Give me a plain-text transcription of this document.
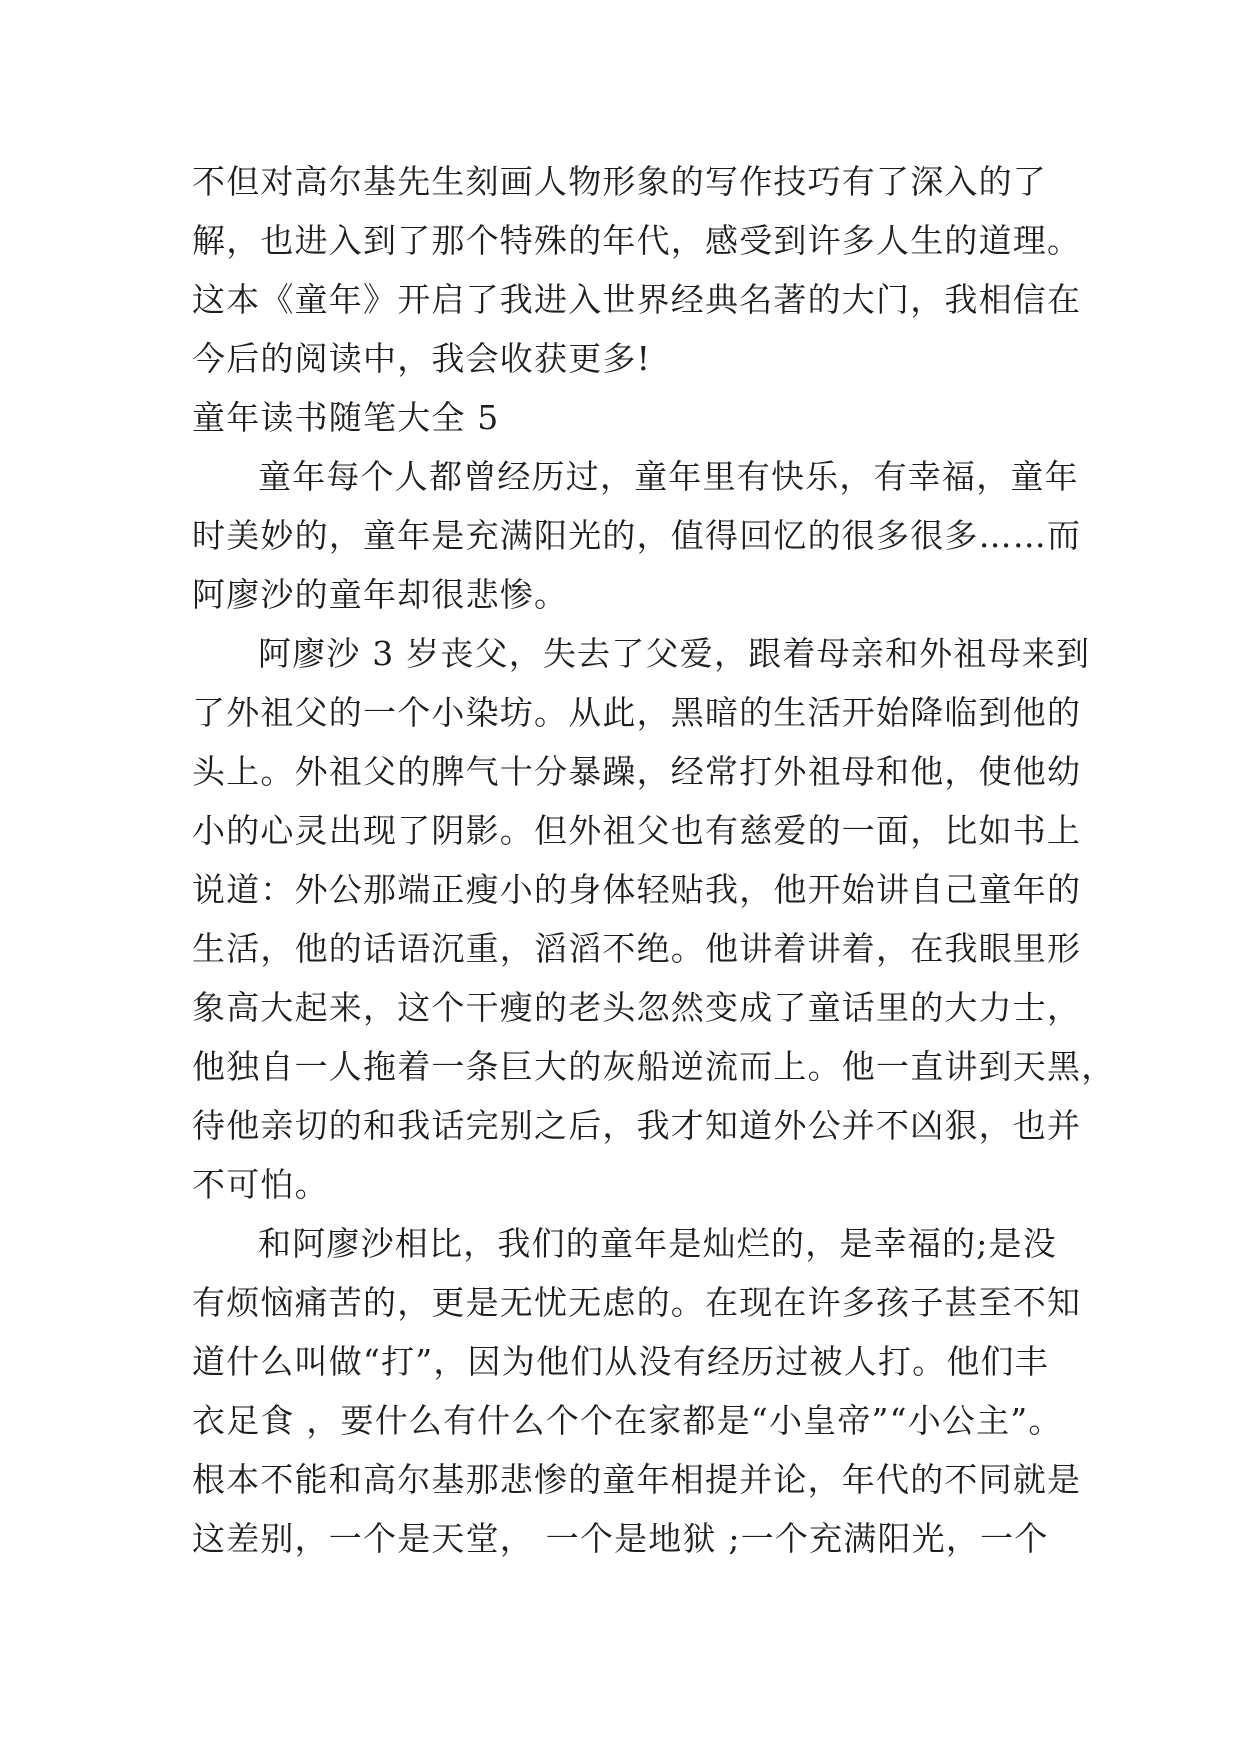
不但对高尔基先生刻画人物形象的写作技巧有了深入的了
解，也进入到了那个特殊的年代，感受到许多人生的道理。
这本《童年》开启了我进入世界经典名著的大门，我相信在
今后的阅读中，我会收获更多!
童年读书随笔大全 5
童年每个人都曾经历过，童年里有快乐，有幸福，童年
时美妙的，童年是充满阳光的，值得回忆的很多很多……而
阿廖沙的童年却很悲惨。
阿廖沙 3 岁丧父，失去了父爱，跟着母亲和外祖母来到
了外祖父的一个小染坊。从此，黑暗的生活开始降临到他的
头上。外祖父的脾气十分暴躁，经常打外祖母和他，使他幼
小的心灵出现了阴影。但外祖父也有慈爱的一面，比如书上
说道：外公那端正瘦小的身体轻贴我，他开始讲自己童年的
生活，他的话语沉重，滔滔不绝。他讲着讲着，在我眼里形
象高大起来，这个干瘦的老头忽然变成了童话里的大力士，
他独自一人拖着一条巨大的灰船逆流而上。他一直讲到天黑，
待他亲切的和我话完别之后，我才知道外公并不凶狠，也并
不可怕。
和阿廖沙相比，我们的童年是灿烂的，是幸福的;是没
有烦恼痛苦的，更是无忧无虑的。在现在许多孩子甚至不知
道什么叫做“打”，因为他们从没有经历过被人打。他们丰
衣足食 ，要什么有什么个个在家都是“小皇帝”“小公主”。
根本不能和高尔基那悲惨的童年相提并论，年代的不同就是
这差别，一个是天堂， 一个是地狱 ;一个充满阳光，一个
